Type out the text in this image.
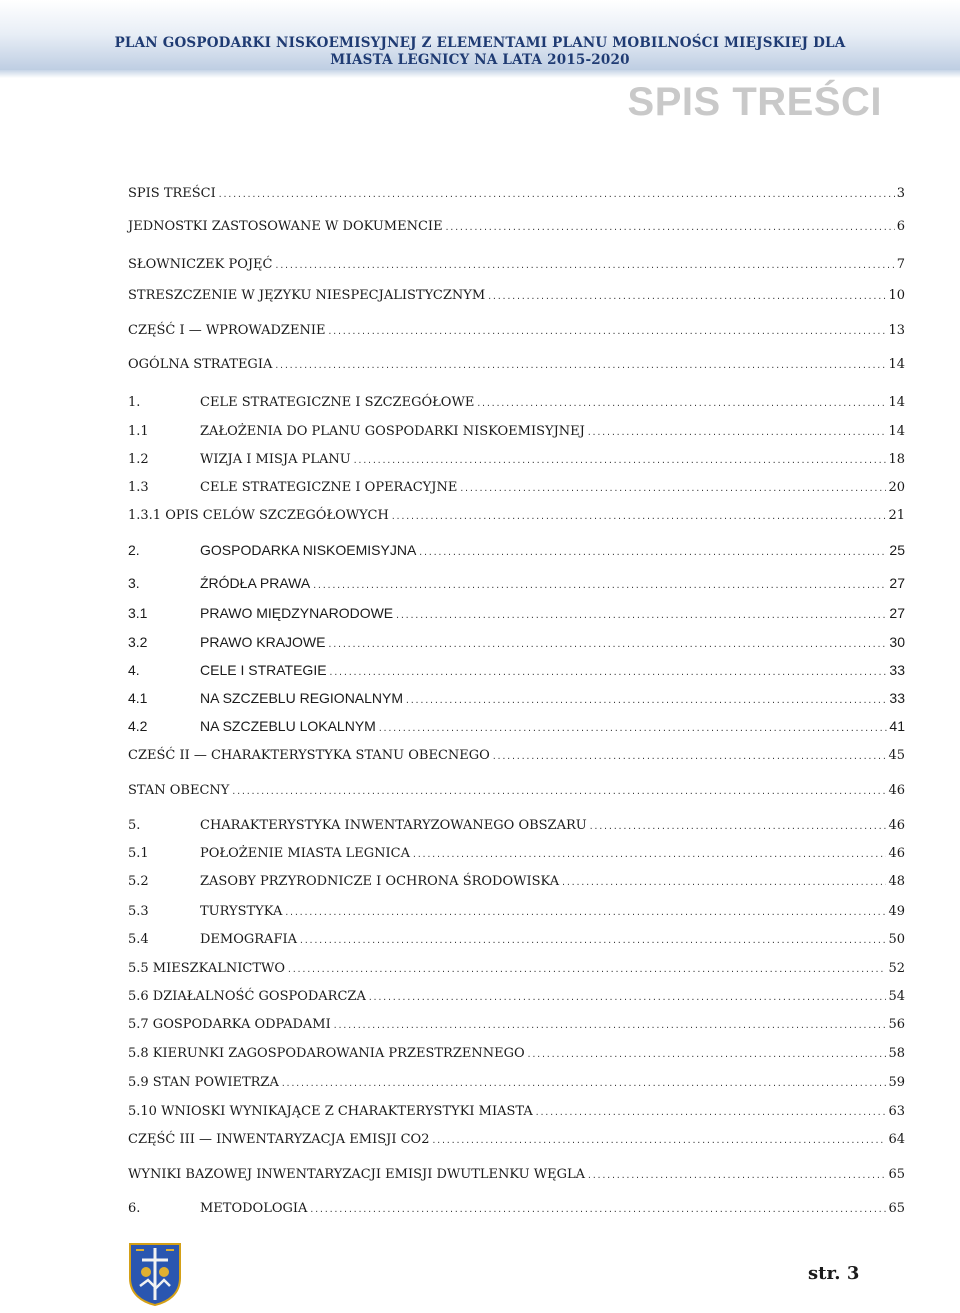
PLAN GOSPODARKI NISKOEMISYJNEJ Z ELEMENTAMI PLANU MOBILNOŚCI MIEJSKIEJ DLA
MIASTA LEGNICY NA LATA 2015-2020
SPIS TREŚCI
SPIS TREŚCI .....	3
JEDNOSTKI ZASTOSOWANE W DOKUMENCIE .....	6
SŁOWNICZEK POJĘĆ .....	7
STRESZCZENIE W JĘZYKU NIESPECJALISTYCZNYM .....	10
CZĘŚĆ I — WPROWADZENIE .....	13
OGÓLNA STRATEGIA .....	14
1.	CELE STRATEGICZNE I SZCZEGÓŁOWE .....	14
1.1	ZAŁOŻENIA DO PLANU GOSPODARKI NISKOEMISYJNEJ .....	14
1.2	WIZJA I MISJA PLANU .....	18
1.3	CELE STRATEGICZNE I OPERACYJNE .....	20
1.3.1 OPIS CELÓW SZCZEGÓŁOWYCH .....	21
2.	GOSPODARKA NISKOEMISYJNA .....	25
3.	ŹRÓDŁA PRAWA .....	27
3.1	PRAWO MIĘDZYNARODOWE .....	27
3.2	PRAWO KRAJOWE .....	30
4.	CELE I STRATEGIE .....	33
4.1	NA SZCZEBLU REGIONALNYM .....	33
4.2	NA SZCZEBLU LOKALNYM .....	41
CZEŚĆ II — CHARAKTERYSTYKA STANU OBECNEGO .....	45
STAN OBECNY .....	46
5.	CHARAKTERYSTYKA INWENTARYZOWANEGO OBSZARU .....	46
5.1	POŁOŻENIE MIASTA LEGNICA .....	46
5.2	ZASOBY PRZYRODNICZE I OCHRONA ŚRODOWISKA .....	48
5.3	TURYSTYKA .....	49
5.4	DEMOGRAFIA .....	50
5.5 MIESZKALNICTWO .....	52
5.6 DZIAŁALNOŚĆ GOSPODARCZA .....	54
5.7 GOSPODARKA ODPADAMI .....	56
5.8 KIERUNKI ZAGOSPODAROWANIA PRZESTRZENNEGO .....	58
5.9 STAN POWIETRZA .....	59
5.10 WNIOSKI WYNIKAJĄCE Z CHARAKTERYSTYKI MIASTA .....	63
CZĘŚĆ III — INWENTARYZACJA EMISJI CO2 .....	64
WYNIKI BAZOWEJ INWENTARYZACJI EMISJI DWUTLENKU WĘGLA .....	65
6.	METODOLOGIA .....	65
str. 3
